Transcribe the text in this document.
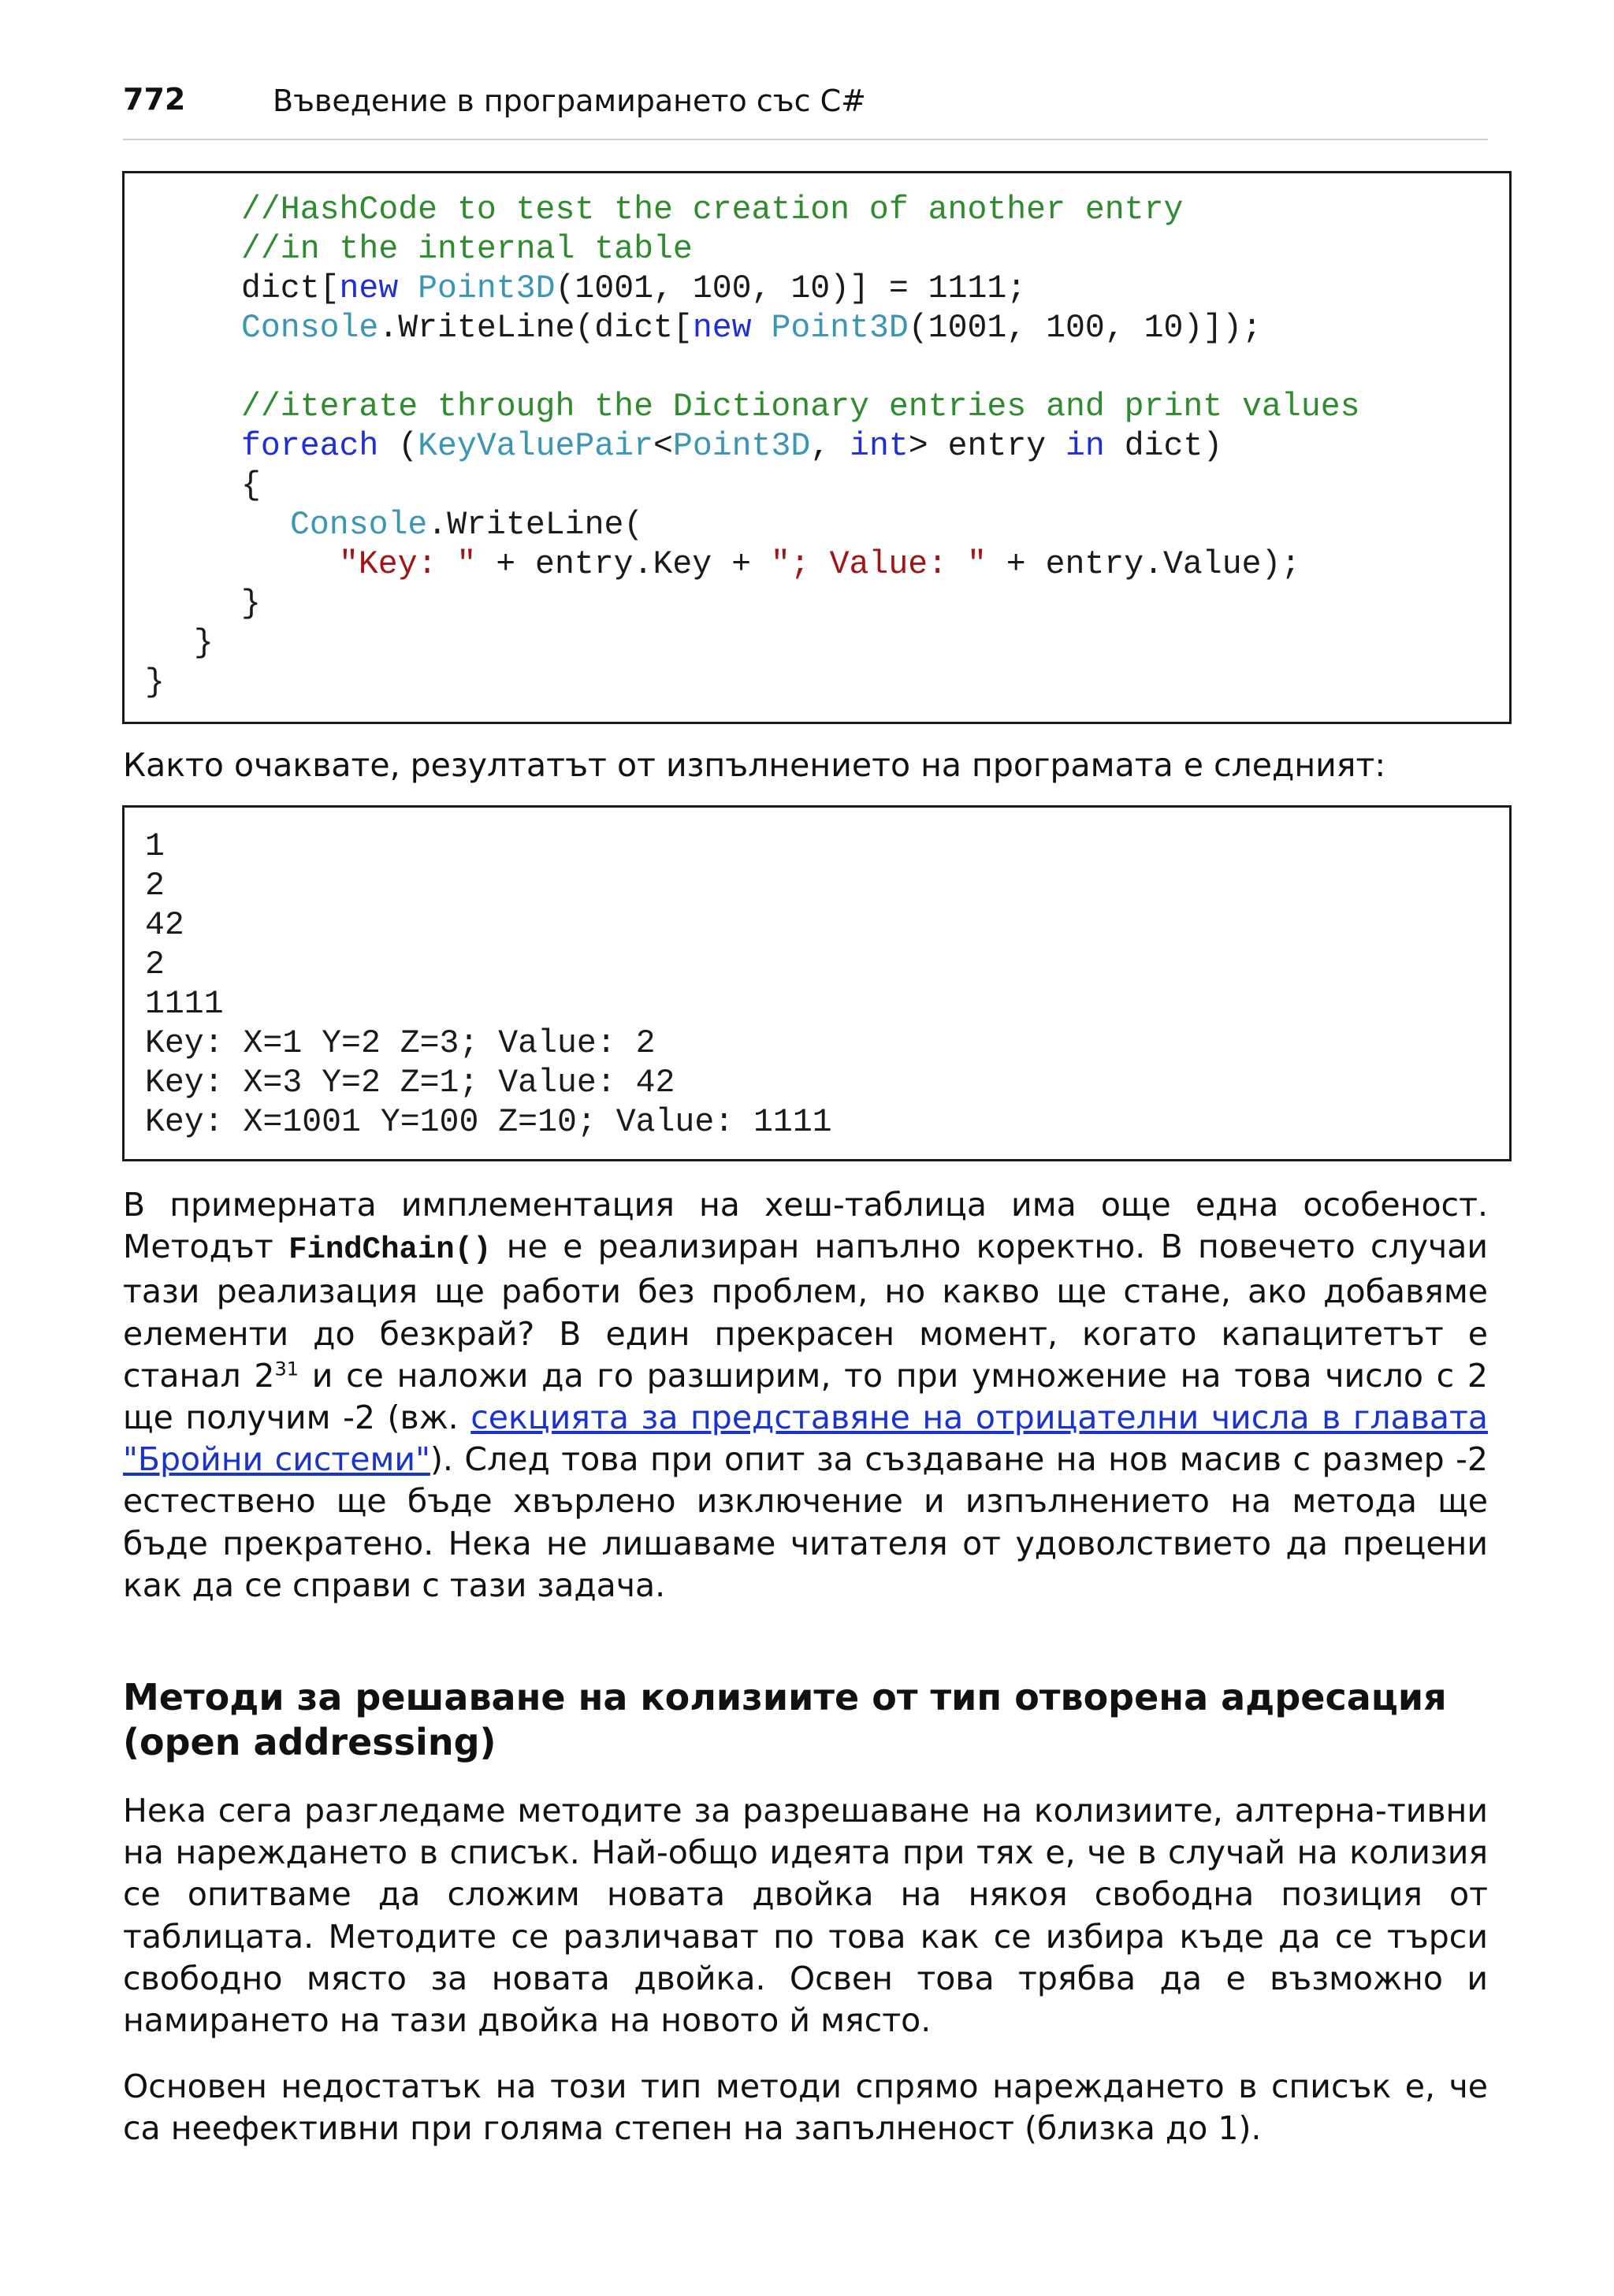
772	Въведение в програмирането със C#
//HashCode to test the creation of another entry
//in the internal table
dict[new Point3D(1001, 100, 10)] = 1111;
Console.WriteLine(dict[new Point3D(1001, 100, 10)]);
//iterate through the Dictionary entries and print values
foreach (KeyValuePair<Point3D, int> entry in dict)
{
Console.WriteLine(
"Key: " + entry.Key + "; Value: " + entry.Value);
}
}
}
Както очаквате, резултатът от изпълнението на програмата е следният:
1
2
42
2
1111
Key: X=1 Y=2 Z=3; Value: 2
Key: X=3 Y=2 Z=1; Value: 42
Key: X=1001 Y=100 Z=10; Value: 1111
В примерната имплементация на хеш-таблица има още една особеност. Методът FindChain() не е реализиран напълно коректно. В повечето случаи тази реализация ще работи без проблем, но какво ще стане, ако добавяме елементи до безкрай? В един прекрасен момент, когато капацитетът е станал $2^{31}$ и се наложи да го разширим, то при умножение на това число с 2 ще получим -2 (вж. секцията за представяне на отрицателни числа в главата "Бройни системи"). След това при опит за създаване на нов масив с размер -2 естествено ще бъде хвърлено изключение и изпълнението на метода ще бъде прекратено. Нека не лишаваме читателя от удоволствието да прецени как да се справи с тази задача.
Методи за решаване на колизиите от тип отворена адресация (open addressing)
Нека сега разгледаме методите за разрешаване на колизиите, алтерна-тивни на нареждането в списък. Най-общо идеята при тях е, че в случай на колизия се опитваме да сложим новата двойка на някоя свободна позиция от таблицата. Методите се различават по това как се избира къде да се търси свободно място за новата двойка. Освен това трябва да е възможно и намирането на тази двойка на новото й място.
Основен недостатък на този тип методи спрямо нареждането в списък е, че са неефективни при голяма степен на запълненост (близка до 1).
